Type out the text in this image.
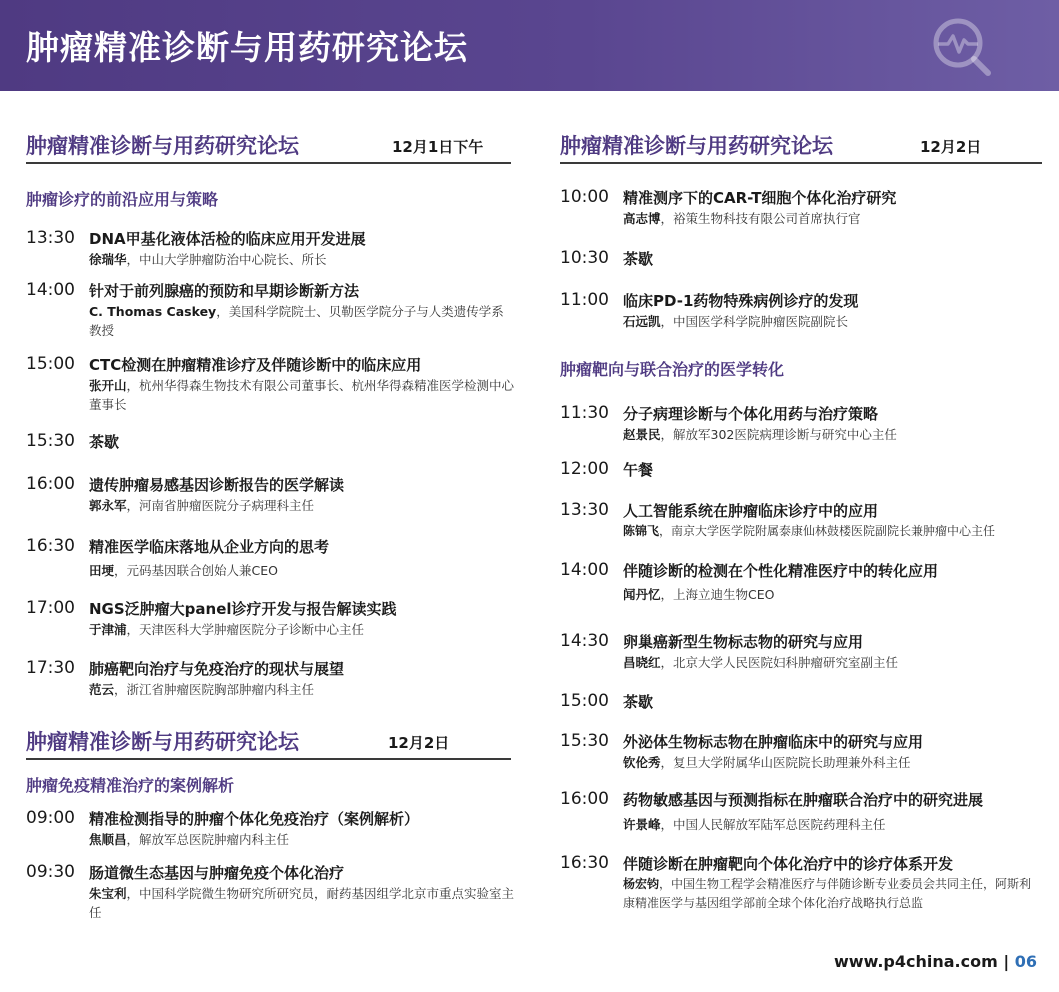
肿瘤精准诊断与用药研究论坛
肿瘤精准诊断与用药研究论坛	12月1日下午
肿瘤诊疗的前沿应用与策略
13:30 DNA甲基化液体活检的临床应用开发进展
徐瑞华，中山大学肿瘤防治中心院长、所长
14:00 针对于前列腺癌的预防和早期诊断新方法
C. Thomas Caskey，美国科学院院士、贝勒医学院分子与人类遗传学系教授
15:00 CTC检测在肿瘤精准诊疗及伴随诊断中的临床应用
张开山，杭州华得森生物技术有限公司董事长、杭州华得森精准医学检测中心董事长
15:30 茶歇
16:00 遗传肿瘤易感基因诊断报告的医学解读
郭永军，河南省肿瘤医院分子病理科主任
16:30 精准医学临床落地从企业方向的思考
田埂，元码基因联合创始人兼CEO
17:00 NGS泛肿瘤大panel诊疗开发与报告解读实践
于津浦，天津医科大学肿瘤医院分子诊断中心主任
17:30 肺癌靶向治疗与免疫治疗的现状与展望
范云，浙江省肿瘤医院胸部肿瘤内科主任
肿瘤精准诊断与用药研究论坛	12月2日
肿瘤免疫精准治疗的案例解析
09:00 精准检测指导的肿瘤个体化免疫治疗（案例解析）
焦顺昌，解放军总医院肿瘤内科主任
09:30 肠道微生态基因与肿瘤免疫个体化治疗
朱宝利，中国科学院微生物研究所研究员，耐药基因组学北京市重点实验室主任
肿瘤精准诊断与用药研究论坛	12月2日
10:00 精准测序下的CAR-T细胞个体化治疗研究
高志博，裕策生物科技有限公司首席执行官
10:30 茶歇
11:00 临床PD-1药物特殊病例诊疗的发现
石远凯，中国医学科学院肿瘤医院副院长
肿瘤靶向与联合治疗的医学转化
11:30 分子病理诊断与个体化用药与治疗策略
赵景民，解放军302医院病理诊断与研究中心主任
12:00 午餐
13:30 人工智能系统在肿瘤临床诊疗中的应用
陈锦飞，南京大学医学院附属泰康仙林鼓楼医院副院长兼肿瘤中心主任
14:00 伴随诊断的检测在个性化精准医疗中的转化应用
闻丹忆，上海立迪生物CEO
14:30 卵巢癌新型生物标志物的研究与应用
昌晓红，北京大学人民医院妇科肿瘤研究室副主任
15:00 茶歇
15:30 外泌体生物标志物在肿瘤临床中的研究与应用
钦伦秀，复旦大学附属华山医院院长助理兼外科主任
16:00 药物敏感基因与预测指标在肿瘤联合治疗中的研究进展
许景峰，中国人民解放军陆军总医院药理科主任
16:30 伴随诊断在肿瘤靶向个体化治疗中的诊疗体系开发
杨宏钧，中国生物工程学会精准医疗与伴随诊断专业委员会共同主任，阿斯利康精准医学与基因组学部前全球个体化治疗战略执行总监
www.p4china.com | 06
